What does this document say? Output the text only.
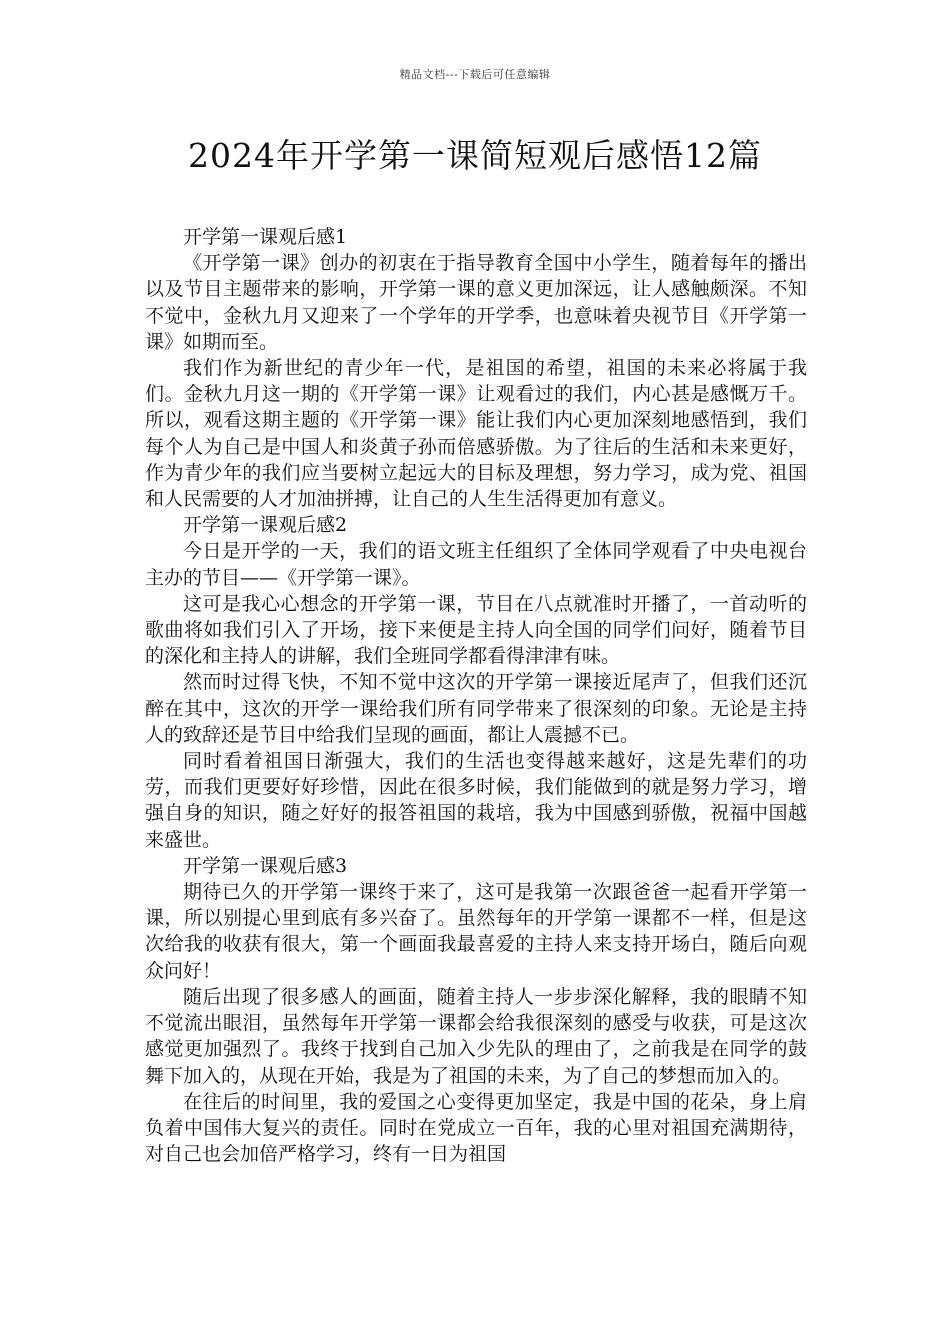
精品文档---下载后可任意编辑
2024年开学第一课简短观后感悟12篇

开学第一课观后感1

《开学第一课》创办的初衷在于指导教育全国中小学生，随着每年的播出以及节目主题带来的影响，开学第一课的意义更加深远，让人感触颇深。不知不觉中，金秋九月又迎来了一个学年的开学季，也意味着央视节目《开学第一课》如期而至。

我们作为新世纪的青少年一代，是祖国的希望，祖国的未来必将属于我们。金秋九月这一期的《开学第一课》让观看过的我们，内心甚是感慨万千。所以，观看这期主题的《开学第一课》能让我们内心更加深刻地感悟到，我们每个人为自己是中国人和炎黄子孙而倍感骄傲。为了往后的生活和未来更好，作为青少年的我们应当要树立起远大的目标及理想，努力学习，成为党、祖国和人民需要的人才加油拼搏，让自己的人生生活得更加有意义。

开学第一课观后感2

今日是开学的一天，我们的语文班主任组织了全体同学观看了中央电视台主办的节目——《开学第一课》。

这可是我心心想念的开学第一课，节目在八点就准时开播了，一首动听的歌曲将如我们引入了开场，接下来便是主持人向全国的同学们问好，随着节目的深化和主持人的讲解，我们全班同学都看得津津有味。

然而时过得飞快，不知不觉中这次的开学第一课接近尾声了，但我们还沉醉在其中，这次的开学一课给我们所有同学带来了很深刻的印象。无论是主持人的致辞还是节目中给我们呈现的画面，都让人震撼不已。

同时看着祖国日渐强大，我们的生活也变得越来越好，这是先辈们的功劳，而我们更要好好珍惜，因此在很多时候，我们能做到的就是努力学习，增强自身的知识，随之好好的报答祖国的栽培，我为中国感到骄傲，祝福中国越来盛世。

开学第一课观后感3

期待已久的开学第一课终于来了，这可是我第一次跟爸爸一起看开学第一课，所以别提心里到底有多兴奋了。虽然每年的开学第一课都不一样，但是这次给我的收获有很大，第一个画面我最喜爱的主持人来支持开场白，随后向观众问好！

随后出现了很多感人的画面，随着主持人一步步深化解释，我的眼睛不知不觉流出眼泪，虽然每年开学第一课都会给我很深刻的感受与收获，可是这次感觉更加强烈了。我终于找到自己加入少先队的理由了，之前我是在同学的鼓舞下加入的，从现在开始，我是为了祖国的未来，为了自己的梦想而加入的。

在往后的时间里，我的爱国之心变得更加坚定，我是中国的花朵，身上肩负着中国伟大复兴的责任。同时在党成立一百年，我的心里对祖国充满期待，对自己也会加倍严格学习，终有一日为祖国
